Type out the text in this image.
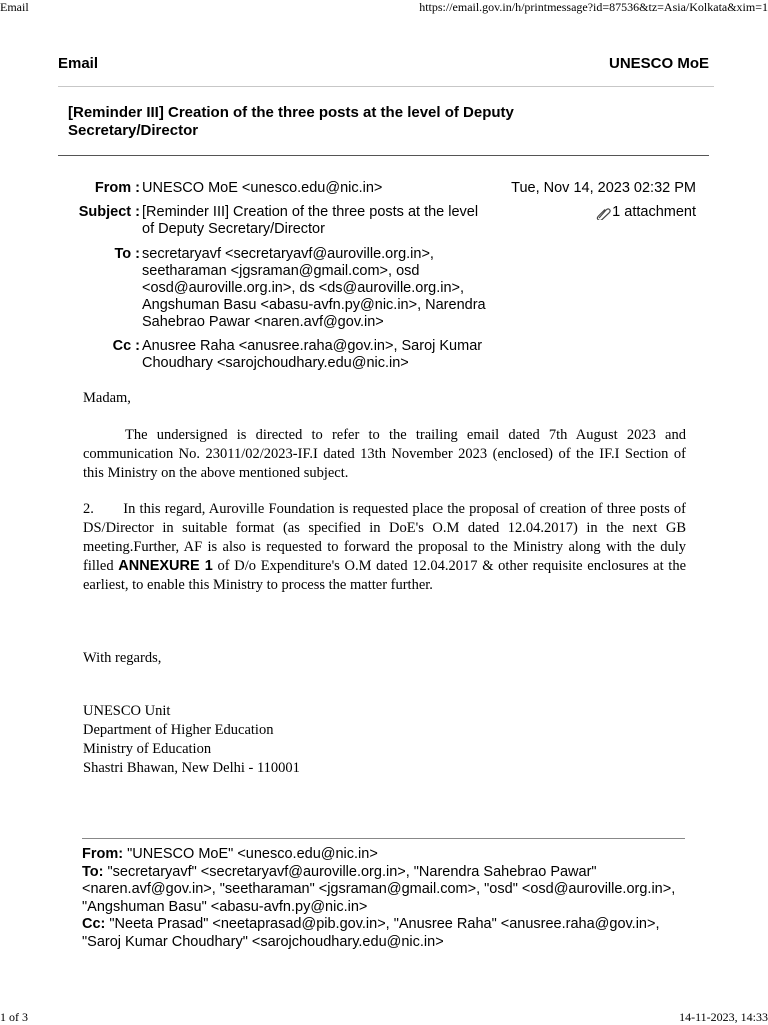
Email	https://email.gov.in/h/printmessage?id=87536&tz=Asia/Kolkata&xim=1
Email	UNESCO MoE
[Reminder III] Creation of the three posts at the level of Deputy Secretary/Director
From : UNESCO MoE <unesco.edu@nic.in>	Tue, Nov 14, 2023 02:32 PM
Subject : [Reminder III] Creation of the three posts at the level of Deputy Secretary/Director
1 attachment
To : secretaryavf <secretaryavf@auroville.org.in>, seetharaman <jgsraman@gmail.com>, osd <osd@auroville.org.in>, ds <ds@auroville.org.in>, Angshuman Basu <abasu-avfn.py@nic.in>, Narendra Sahebrao Pawar <naren.avf@gov.in>
Cc : Anusree Raha <anusree.raha@gov.in>, Saroj Kumar Choudhary <sarojchoudhary.edu@nic.in>
Madam,
The undersigned is directed to refer to the trailing email dated 7th August 2023 and communication No. 23011/02/2023-IF.I dated 13th November 2023 (enclosed) of the IF.I Section of this Ministry on the above mentioned subject.
2.       In this regard, Auroville Foundation is requested place the proposal of creation of three posts of DS/Director in suitable format (as specified in DoE's O.M dated 12.04.2017) in the next GB meeting.Further, AF is also is requested to forward the proposal to the Ministry along with the duly filled ANNEXURE 1 of D/o Expenditure's O.M dated 12.04.2017 & other requisite enclosures at the earliest, to enable this Ministry to process the matter further.
With regards,
UNESCO Unit
Department of Higher Education
Ministry of Education
Shastri Bhawan, New Delhi - 110001
From: "UNESCO MoE" <unesco.edu@nic.in>
To: "secretaryavf" <secretaryavf@auroville.org.in>, "Narendra Sahebrao Pawar" <naren.avf@gov.in>, "seetharaman" <jgsraman@gmail.com>, "osd" <osd@auroville.org.in>, "Angshuman Basu" <abasu-avfn.py@nic.in>
Cc: "Neeta Prasad" <neetaprasad@pib.gov.in>, "Anusree Raha" <anusree.raha@gov.in>, "Saroj Kumar Choudhary" <sarojchoudhary.edu@nic.in>
1 of 3	14-11-2023, 14:33
